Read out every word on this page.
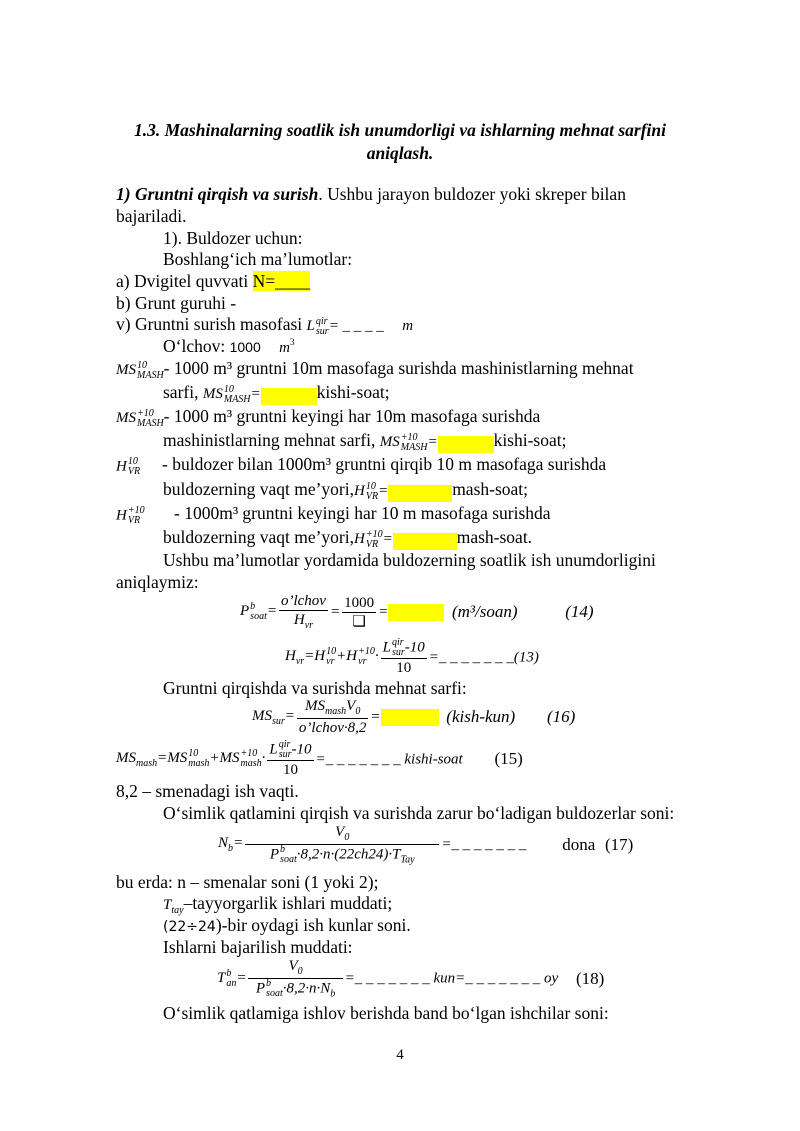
1.3. Mashinalarning soatlik ish unumdorligi va ishlarning mehnat sarfini
aniqlash.
1) Gruntni qirqish va surish. Ushbu jarayon buldozer yoki skreper bilan
bajariladi.
1). Buldozer uchun:
Boshlang‘ich ma’lumotlar:
a) Dvigitel quvvati N=____
b) Grunt guruhi -
v) Gruntni surish masofasi L qir
sur = _ _ _ _ m
O‘lchov: 1000 $m^3$
MS 10
MASH - 1000 m³ gruntni 10m masofaga surishda mashinistlarning mehnat
sarfi, MS 10
MASH =	kishi-soat;
MS +10
MASH - 1000 m³ gruntni keyingi har 10m masofaga surishda
mashinistlarning mehnat sarfi, MS +10
MASH =	kishi-soat;
H 10
VR - buldozer bilan 1000m³ gruntni qirqib 10 m masofaga surishda
buldozerning vaqt me’yori,H 10
VR =	mash-soat;
H +10
VR - 1000m³ gruntni keyingi har 10 m masofaga surishda
buldozerning vaqt me’yori,H +10
VR =	mash-soat.
Ushbu ma’lumotlar yordamida buldozerning soatlik ish unumdorligini
aniqlaymiz:
P b
soat = $\frac{\text{o’lchov}}{H_{vr}} = \frac{1000}{❑}$ =	(m³/soan)	(14)
$H_{vr}=H$ 10
vr +H +10
vr · L qir
sur -10
10 =_ _ _ _ _ _ _(13)
Gruntni qirqishda va surishda mehnat sarfi:
$MS_{sur}= \frac{MS_{mash}V_0}{\text{o’lchov·8,2}}$ =	(kish-kun) (16)
$MS_{mash}=MS$ 10
mash +MS +10
mash · L qir
sur -10
10 =_ _ _ _ _ _ _ kishi-soat (15)
8,2 – smenadagi ish vaqti.
O‘simlik qatlamini qirqish va surishda zarur bo‘ladigan buldozerlar soni:
$N_b= V_0$
P b
soat $\cdot 8,2\cdot n\cdot(22ch24)\cdot T_{Tay}$ =_ _ _ _ _ _ _ dona (17)
bu erda: n – smenalar soni (1 yoki 2);
$T_{tay}$–tayyorgarlik ishlari muddati;
(22÷24)-bir oydagi ish kunlar soni.
Ishlarni bajarilish muddati:
T b
an = $V_0$
P b
soat $\cdot 8,2\cdot n\cdot N_b$ =_ _ _ _ _ _ _ kun=_ _ _ _ _ _ _ oy (18)
O‘simlik qatlamiga ishlov berishda band bo‘lgan ishchilar soni:
4
